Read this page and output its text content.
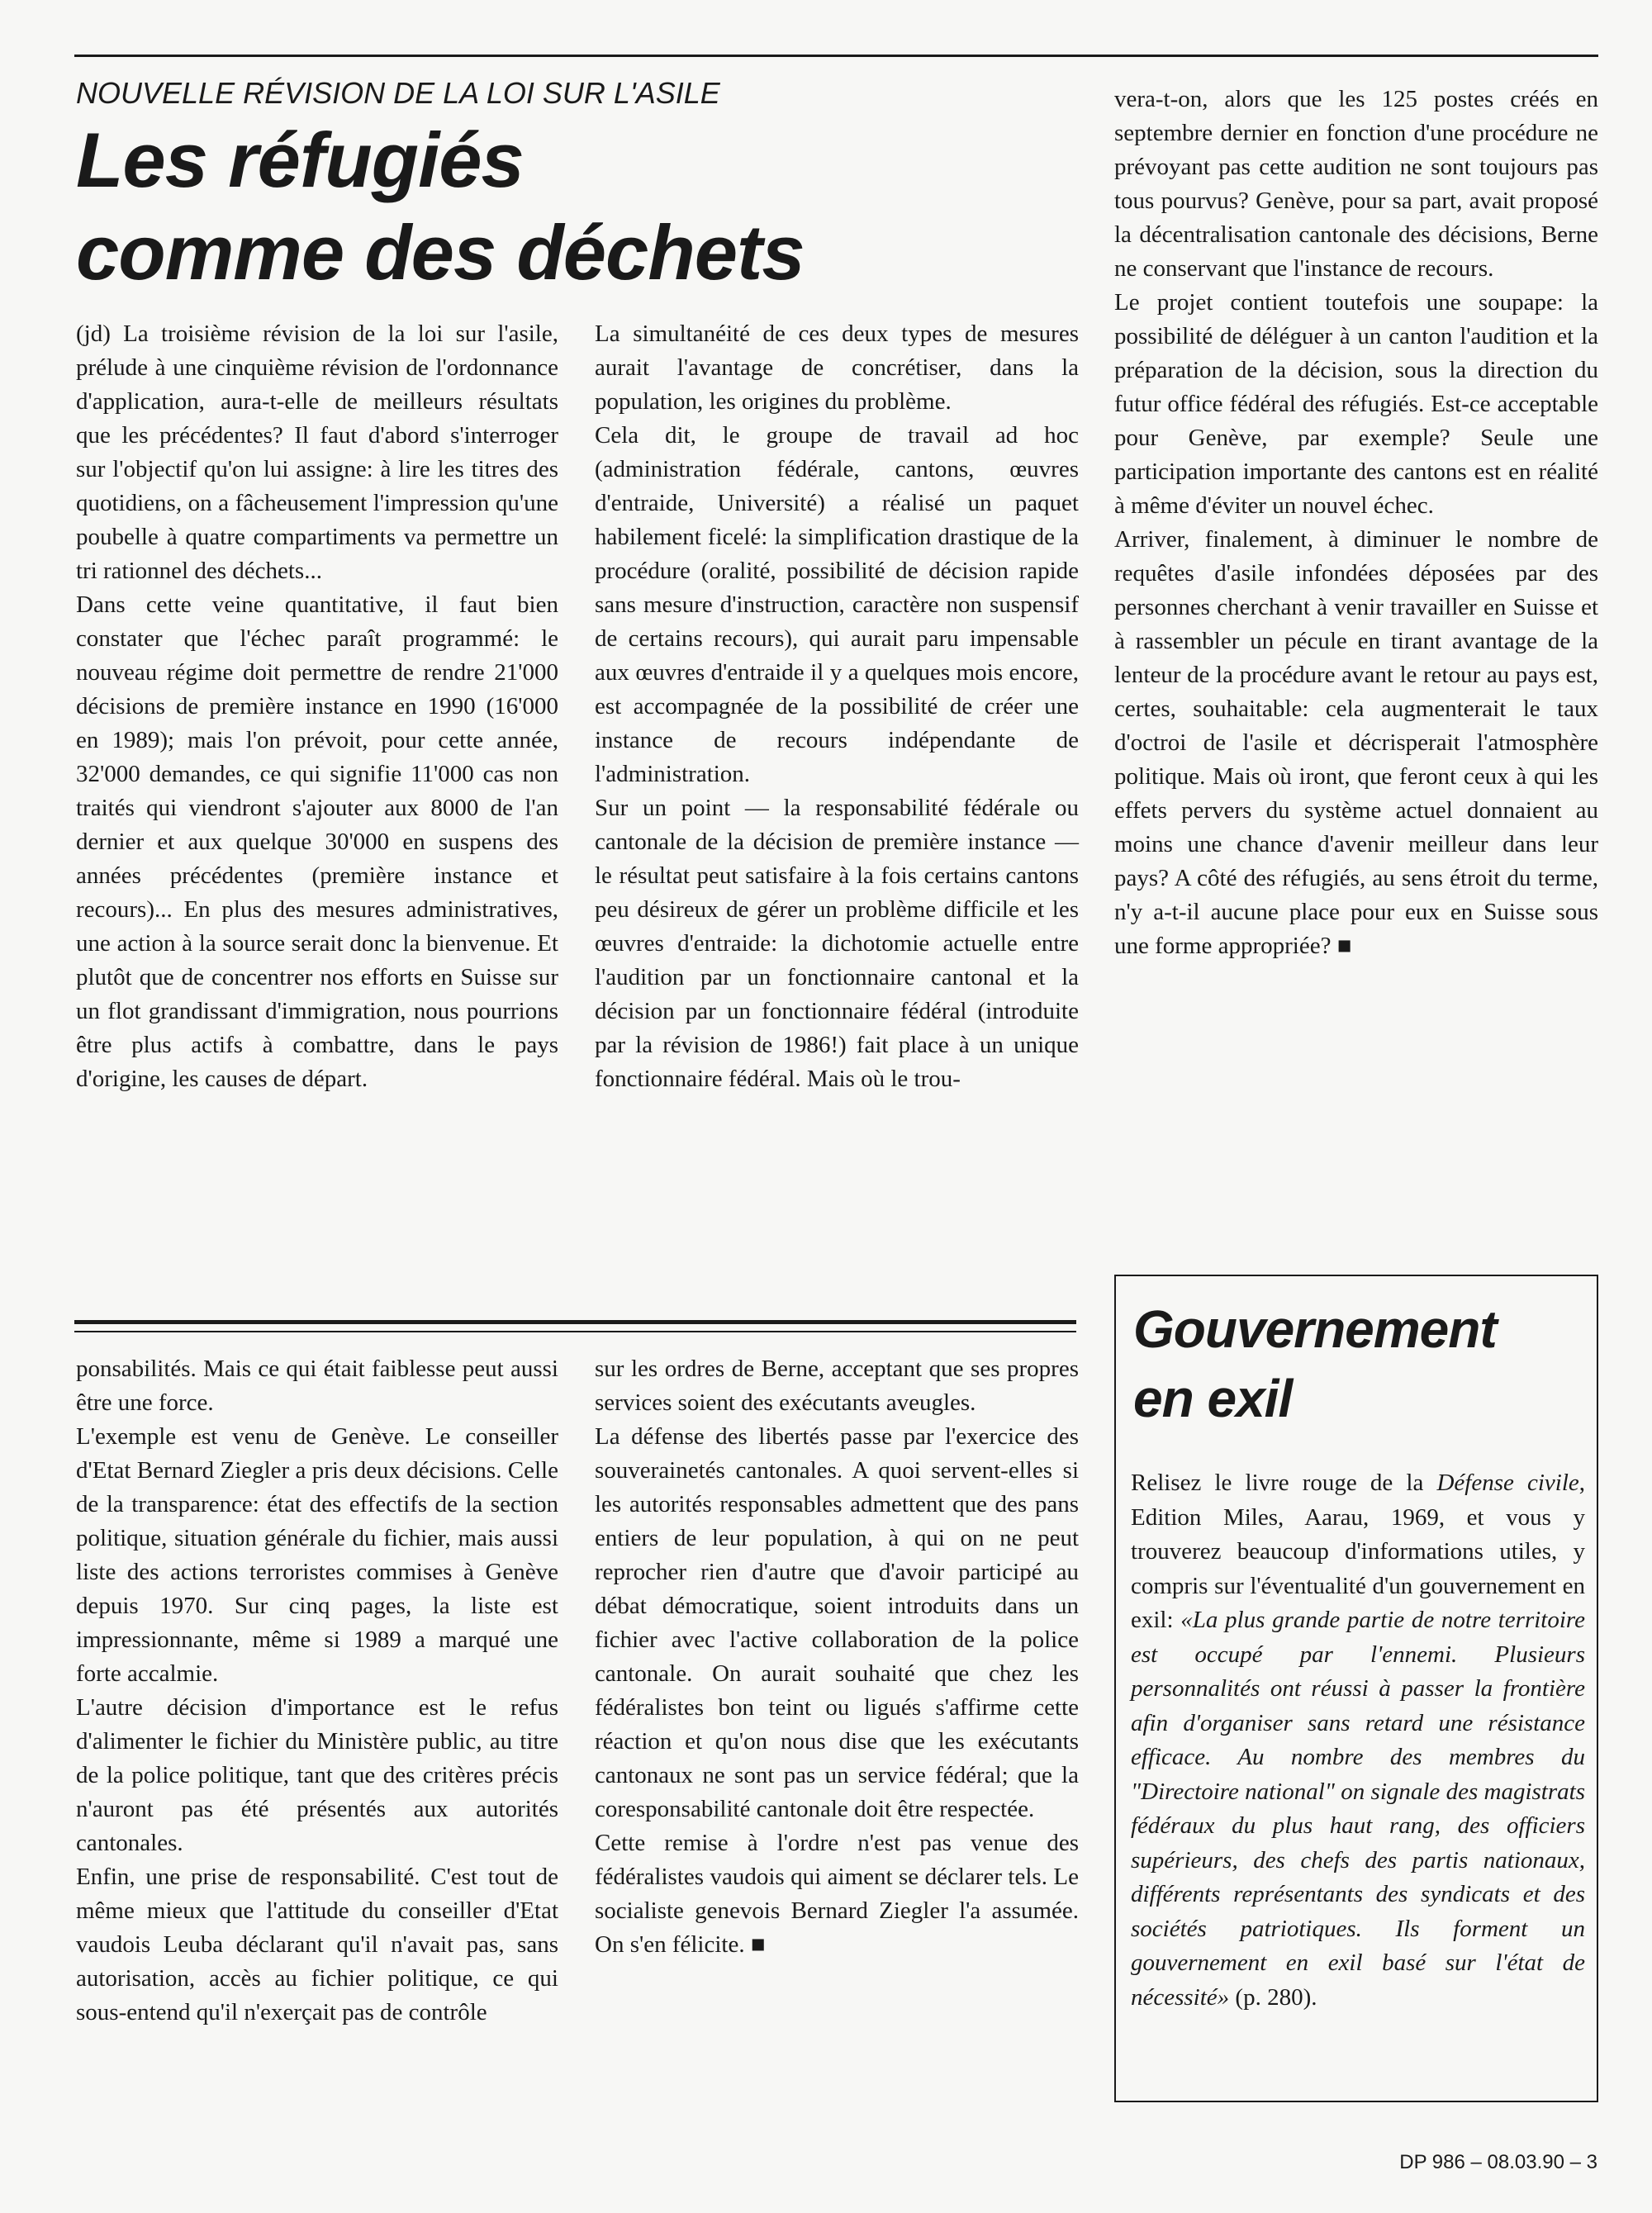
NOUVELLE RÉVISION DE LA LOI SUR L'ASILE
Les réfugiés
comme des déchets

(jd) La troisième révision de la loi sur l'asile, prélude à une cinquième révision de l'ordonnance d'application, aura-t-elle de meilleurs résultats que les précédentes? Il faut d'abord s'interroger sur l'objectif qu'on lui assigne: à lire les titres des quotidiens, on a fâcheusement l'impression qu'une poubelle à quatre compartiments va permettre un tri rationnel des déchets...

Dans cette veine quantitative, il faut bien constater que l'échec paraît programmé: le nouveau régime doit permettre de rendre 21'000 décisions de première instance en 1990 (16'000 en 1989); mais l'on prévoit, pour cette année, 32'000 demandes, ce qui signifie 11'000 cas non traités qui viendront s'ajouter aux 8000 de l'an dernier et aux quelque 30'000 en suspens des années précédentes (première instance et recours)... En plus des mesures administratives, une action à la source serait donc la bienvenue. Et plutôt que de concentrer nos efforts en Suisse sur un flot grandissant d'immigration, nous pourrions être plus actifs à combattre, dans le pays d'origine, les causes de départ.

La simultanéité de ces deux types de mesures aurait l'avantage de concrétiser, dans la population, les origines du problème.

Cela dit, le groupe de travail ad hoc (administration fédérale, cantons, œuvres d'entraide, Université) a réalisé un paquet habilement ficelé: la simplification drastique de la procédure (oralité, possibilité de décision rapide sans mesure d'instruction, caractère non suspensif de certains recours), qui aurait paru impensable aux œuvres d'entraide il y a quelques mois encore, est accompagnée de la possibilité de créer une instance de recours indépendante de l'administration.

Sur un point — la responsabilité fédérale ou cantonale de la décision de première instance — le résultat peut satisfaire à la fois certains cantons peu désireux de gérer un problème difficile et les œuvres d'entraide: la dichotomie actuelle entre l'audition par un fonctionnaire cantonal et la décision par un fonctionnaire fédéral (introduite par la révision de 1986!) fait place à un unique fonctionnaire fédéral. Mais où le trou-

vera-t-on, alors que les 125 postes créés en septembre dernier en fonction d'une procédure ne prévoyant pas cette audition ne sont toujours pas tous pourvus? Genève, pour sa part, avait proposé la décentralisation cantonale des décisions, Berne ne conservant que l'instance de recours.

Le projet contient toutefois une soupape: la possibilité de déléguer à un canton l'audition et la préparation de la décision, sous la direction du futur office fédéral des réfugiés. Est-ce acceptable pour Genève, par exemple? Seule une participation importante des cantons est en réalité à même d'éviter un nouvel échec.

Arriver, finalement, à diminuer le nombre de requêtes d'asile infondées déposées par des personnes cherchant à venir travailler en Suisse et à rassembler un pécule en tirant avantage de la lenteur de la procédure avant le retour au pays est, certes, souhaitable: cela augmenterait le taux d'octroi de l'asile et décrisperait l'atmosphère politique. Mais où iront, que feront ceux à qui les effets pervers du système actuel donnaient au moins une chance d'avenir meilleur dans leur pays? A côté des réfugiés, au sens étroit du terme, n'y a-t-il aucune place pour eux en Suisse sous une forme appropriée? ■

ponsabilités. Mais ce qui était faiblesse peut aussi être une force.

L'exemple est venu de Genève. Le conseiller d'Etat Bernard Ziegler a pris deux décisions. Celle de la transparence: état des effectifs de la section politique, situation générale du fichier, mais aussi liste des actions terroristes commises à Genève depuis 1970. Sur cinq pages, la liste est impressionnante, même si 1989 a marqué une forte accalmie.

L'autre décision d'importance est le refus d'alimenter le fichier du Ministère public, au titre de la police politique, tant que des critères précis n'auront pas été présentés aux autorités cantonales.

Enfin, une prise de responsabilité. C'est tout de même mieux que l'attitude du conseiller d'Etat vaudois Leuba déclarant qu'il n'avait pas, sans autorisation, accès au fichier politique, ce qui sous-entend qu'il n'exerçait pas de contrôle

sur les ordres de Berne, acceptant que ses propres services soient des exécutants aveugles.

La défense des libertés passe par l'exercice des souverainetés cantonales. A quoi servent-elles si les autorités responsables admettent que des pans entiers de leur population, à qui on ne peut reprocher rien d'autre que d'avoir participé au débat démocratique, soient introduits dans un fichier avec l'active collaboration de la police cantonale. On aurait souhaité que chez les fédéralistes bon teint ou ligués s'affirme cette réaction et qu'on nous dise que les exécutants cantonaux ne sont pas un service fédéral; que la coresponsabilité cantonale doit être respectée.

Cette remise à l'ordre n'est pas venue des fédéralistes vaudois qui aiment se déclarer tels. Le socialiste genevois Bernard Ziegler l'a assumée. On s'en félicite. ■

Gouvernement
en exil

Relisez le livre rouge de la Défense civile, Edition Miles, Aarau, 1969, et vous y trouverez beaucoup d'informations utiles, y compris sur l'éventualité d'un gouvernement en exil: «La plus grande partie de notre territoire est occupé par l'ennemi. Plusieurs personnalités ont réussi à passer la frontière afin d'organiser sans retard une résistance efficace. Au nombre des membres du "Directoire national" on signale des magistrats fédéraux du plus haut rang, des officiers supérieurs, des chefs des partis nationaux, différents représentants des syndicats et des sociétés patriotiques. Ils forment un gouvernement en exil basé sur l'état de nécessité» (p. 280).

DP 986 – 08.03.90 – 3
